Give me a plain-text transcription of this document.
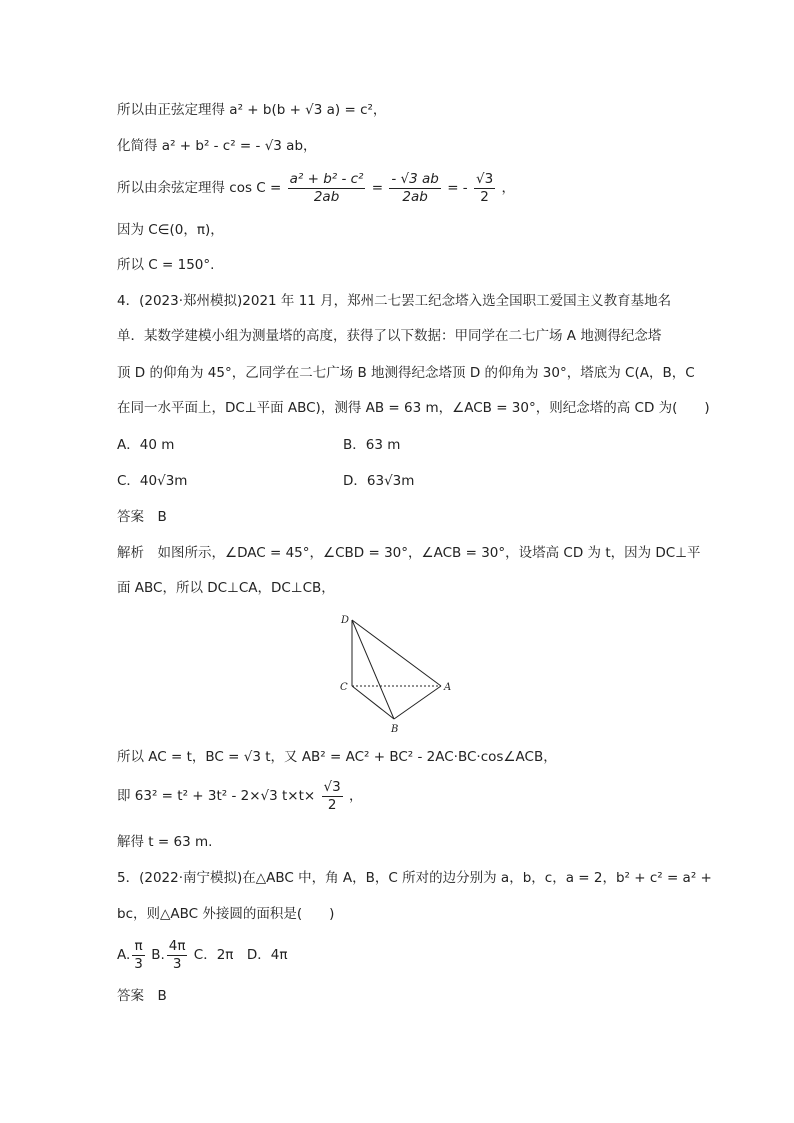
所以由正弦定理得 a² + b(b + √3 a) = c²，
化简得 a² + b² - c² = - √3 ab，
所以由余弦定理得 $\cos C = \frac{\text{a² + b² - c²}}{2ab} = \frac{- √3 ab}{2ab}$ = - $\frac{√3}{2}$ ，
因为 C∈(0，π)，
所以 C = 150°.
4．(2023·郑州模拟)2021 年 11 月，郑州二七罢工纪念塔入选全国职工爱国主义教育基地名
单．某数学建模小组为测量塔的高度，获得了以下数据：甲同学在二七广场 A 地测得纪念塔
顶 D 的仰角为 45°，乙同学在二七广场 B 地测得纪念塔顶 D 的仰角为 30°，塔底为 C(A，B，C
在同一水平面上，DC⊥平面 ABC)，测得 AB = 63 m，∠ACB = 30°，则纪念塔的高 CD 为(　　)
A．40 m	B．63 m
C．40√3m	D．63√3m
答案　B
解析　如图所示，∠DAC = 45°，∠CBD = 30°，∠ACB = 30°，设塔高 CD 为 t，因为 DC⊥平
面 ABC，所以 DC⊥CA，DC⊥CB，
D
C	A
B
所以 AC = t，BC = √3 t，又 AB² = AC² + BC² - 2AC·BC·cos∠ACB，
即 63² = t² + 3t² - 2×√3 $t\times t\times \frac{√3}{2}$ ，
解得 t = 63 m.
5．(2022·南宁模拟)在△ABC 中，角 A，B，C 所对的边分别为 a，b，c，a = 2，b² + c² = a² +
bc，则△ABC 外接圆的面积是(　　)
A. $\frac{\pi}{3} B$. $\frac{4\pi}{3}$ C．2π　D．4π
答案　B
